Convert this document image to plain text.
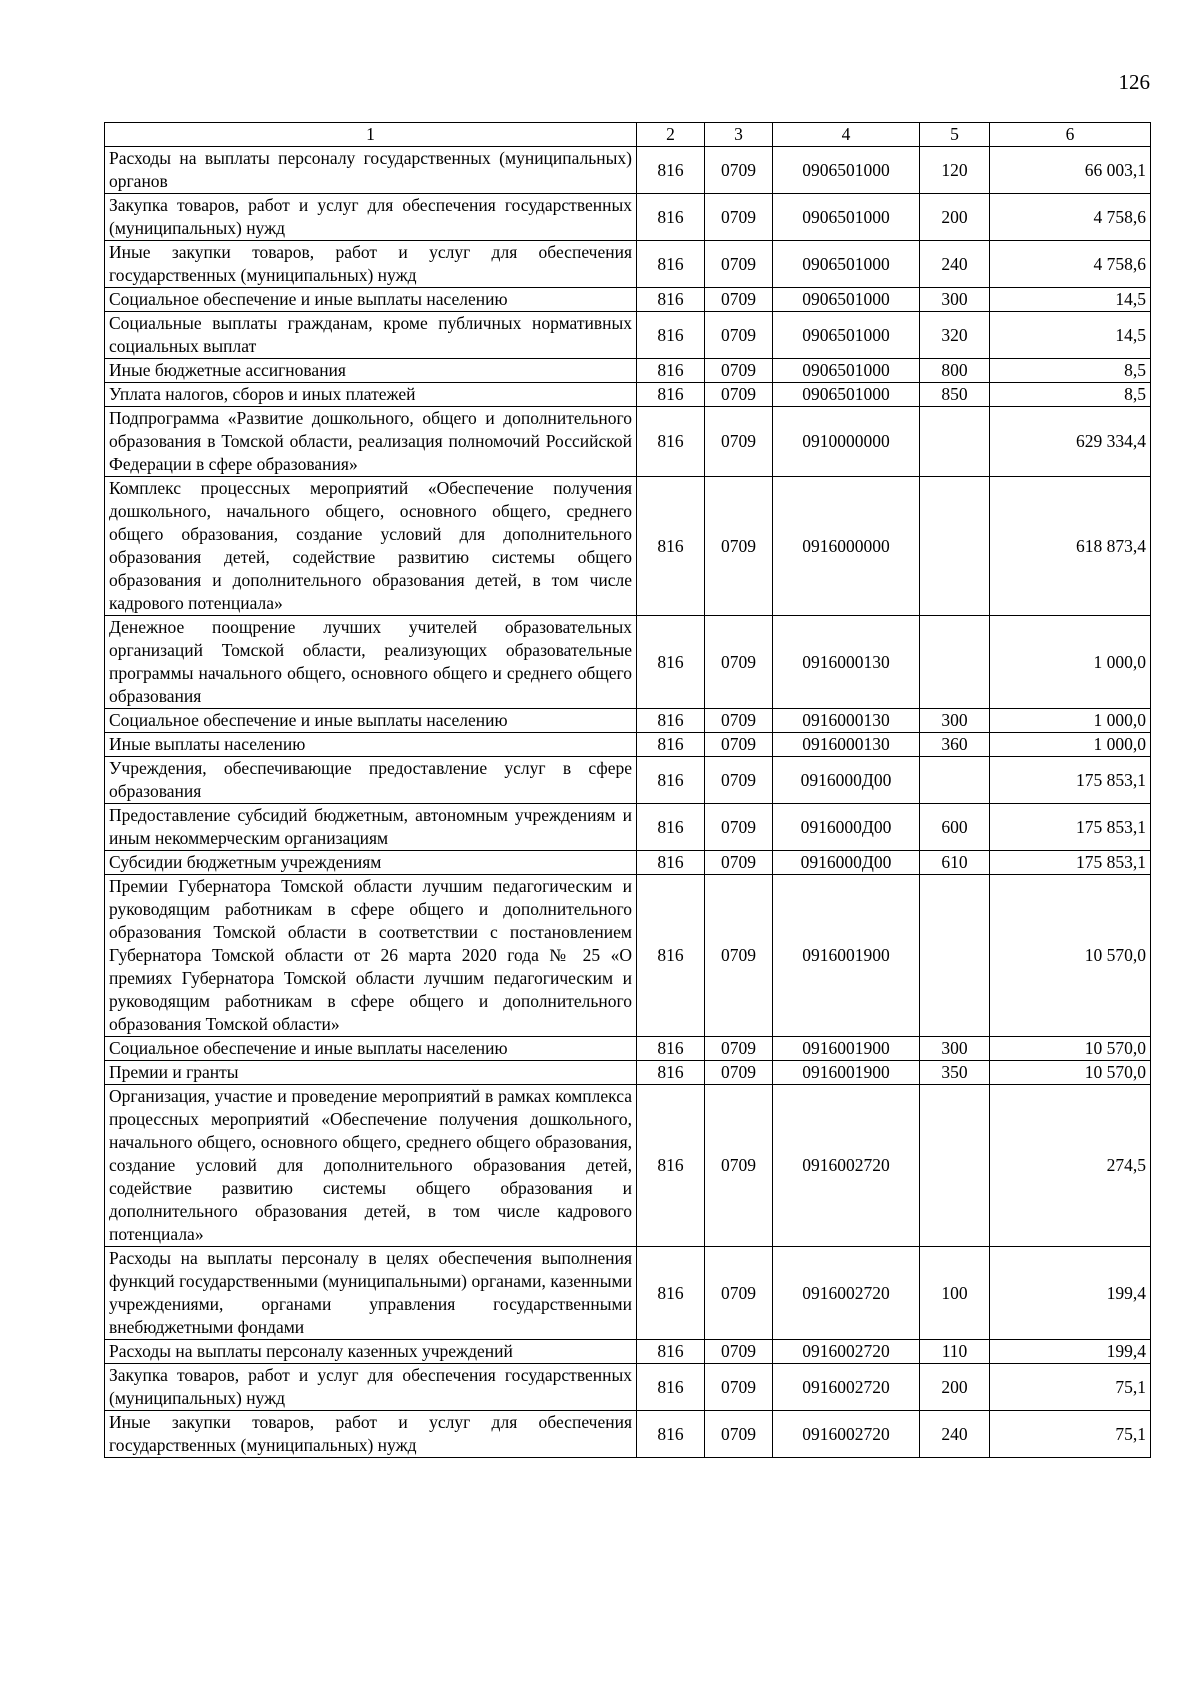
126
1	2	3	4	5	6
Расходы на выплаты персоналу государственных (муниципальных) органов	816	0709	0906501000	120	66 003,1
Закупка товаров, работ и услуг для обеспечения государственных (муниципальных) нужд	816	0709	0906501000	200	4 758,6
Иные закупки товаров, работ и услуг для обеспечения государственных (муниципальных) нужд	816	0709	0906501000	240	4 758,6
Социальное обеспечение и иные выплаты населению	816	0709	0906501000	300	14,5
Социальные выплаты гражданам, кроме публичных нормативных социальных выплат	816	0709	0906501000	320	14,5
Иные бюджетные ассигнования	816	0709	0906501000	800	8,5
Уплата налогов, сборов и иных платежей	816	0709	0906501000	850	8,5
Подпрограмма «Развитие дошкольного, общего и дополнительного образования в Томской области, реализация полномочий Российской Федерации в сфере образования»	816	0709	0910000000		629 334,4
Комплекс процессных мероприятий «Обеспечение получения дошкольного, начального общего, основного общего, среднего общего образования, создание условий для дополнительного образования детей, содействие развитию системы общего образования и дополнительного образования детей, в том числе кадрового потенциала»	816	0709	0916000000		618 873,4
Денежное поощрение лучших учителей образовательных организаций Томской области, реализующих образовательные программы начального общего, основного общего и среднего общего образования	816	0709	0916000130		1 000,0
Социальное обеспечение и иные выплаты населению	816	0709	0916000130	300	1 000,0
Иные выплаты населению	816	0709	0916000130	360	1 000,0
Учреждения, обеспечивающие предоставление услуг в сфере образования	816	0709	0916000Д00		175 853,1
Предоставление субсидий бюджетным, автономным учреждениям и иным некоммерческим организациям	816	0709	0916000Д00	600	175 853,1
Субсидии бюджетным учреждениям	816	0709	0916000Д00	610	175 853,1
Премии Губернатора Томской области лучшим педагогическим и руководящим работникам в сфере общего и дополнительного образования Томской области в соответствии с постановлением Губернатора Томской области от 26 марта 2020 года № 25 «О премиях Губернатора Томской области лучшим педагогическим и руководящим работникам в сфере общего и дополнительного образования Томской области»	816	0709	0916001900		10 570,0
Социальное обеспечение и иные выплаты населению	816	0709	0916001900	300	10 570,0
Премии и гранты	816	0709	0916001900	350	10 570,0
Организация, участие и проведение мероприятий в рамках комплекса процессных мероприятий «Обеспечение получения дошкольного, начального общего, основного общего, среднего общего образования, создание условий для дополнительного образования детей, содействие развитию системы общего образования и дополнительного образования детей, в том числе кадрового потенциала»	816	0709	0916002720		274,5
Расходы на выплаты персоналу в целях обеспечения выполнения функций государственными (муниципальными) органами, казенными учреждениями, органами управления государственными внебюджетными фондами	816	0709	0916002720	100	199,4
Расходы на выплаты персоналу казенных учреждений	816	0709	0916002720	110	199,4
Закупка товаров, работ и услуг для обеспечения государственных (муниципальных) нужд	816	0709	0916002720	200	75,1
Иные закупки товаров, работ и услуг для обеспечения государственных (муниципальных) нужд	816	0709	0916002720	240	75,1
